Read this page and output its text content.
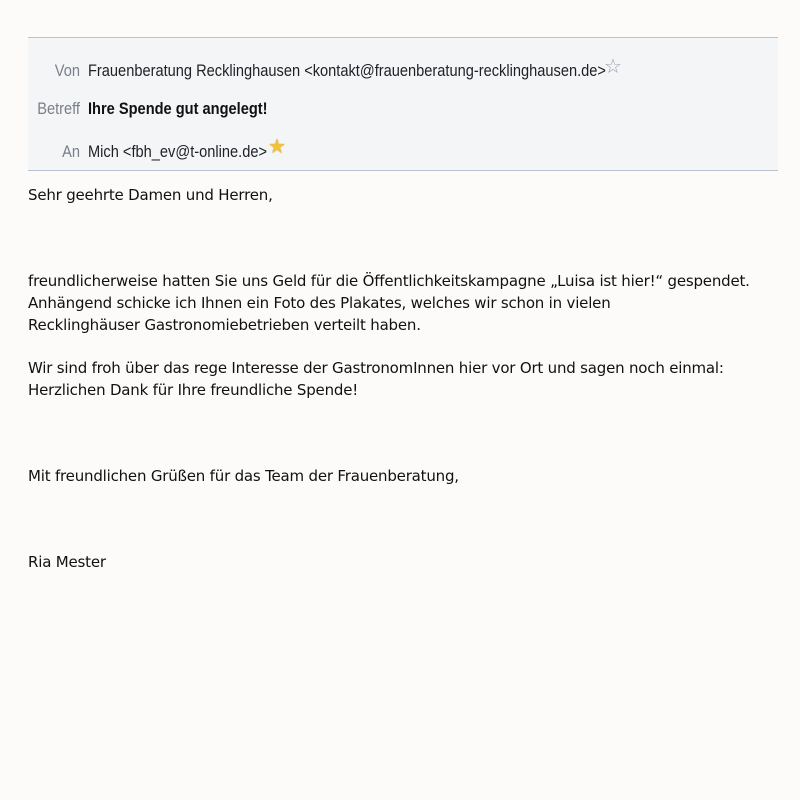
Von Frauenberatung Recklinghausen <kontakt@frauenberatung-recklinghausen.de>
☆
Betreff Ihre Spende gut angelegt!
An Mich <fbh_ev@t-online.de> ★
Sehr geehrte Damen und Herren,
freundlicherweise hatten Sie uns Geld für die Öffentlichkeitskampagne „Luisa ist hier!“ gespendet.
Anhängend schicke ich Ihnen ein Foto des Plakates, welches wir schon in vielen
Recklinghäuser Gastronomiebetrieben verteilt haben.
Wir sind froh über das rege Interesse der GastronomInnen hier vor Ort und sagen noch einmal:
Herzlichen Dank für Ihre freundliche Spende!
Mit freundlichen Grüßen für das Team der Frauenberatung,
Ria Mester
